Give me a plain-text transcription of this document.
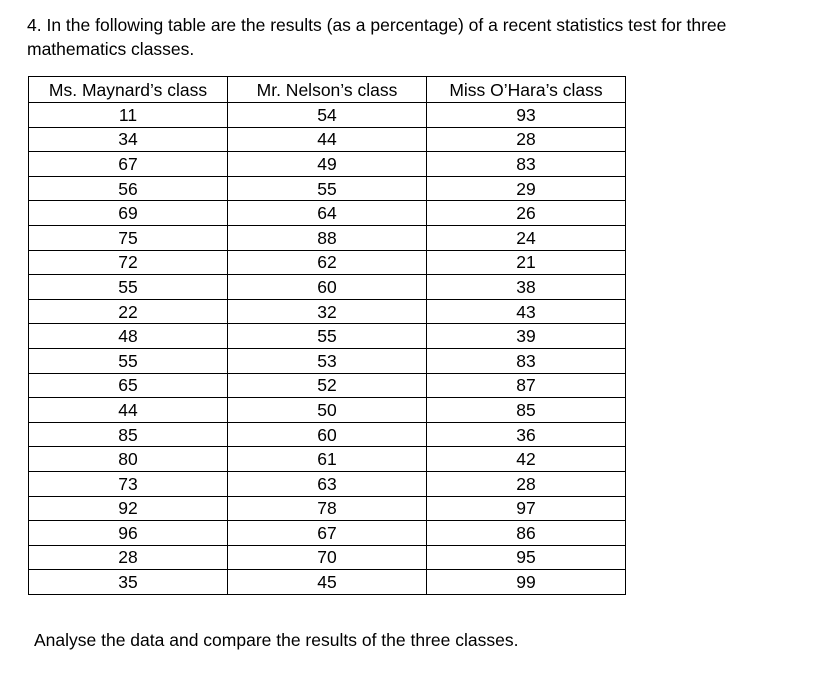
4. In the following table are the results (as a percentage) of a recent statistics test for three mathematics classes.

Ms. Maynard’s class	Mr. Nelson’s class	Miss O’Hara’s class
11	54	93
34	44	28
67	49	83
56	55	29
69	64	26
75	88	24
72	62	21
55	60	38
22	32	43
48	55	39
55	53	83
65	52	87
44	50	85
85	60	36
80	61	42
73	63	28
92	78	97
96	67	86
28	70	95
35	45	99

Analyse the data and compare the results of the three classes.
